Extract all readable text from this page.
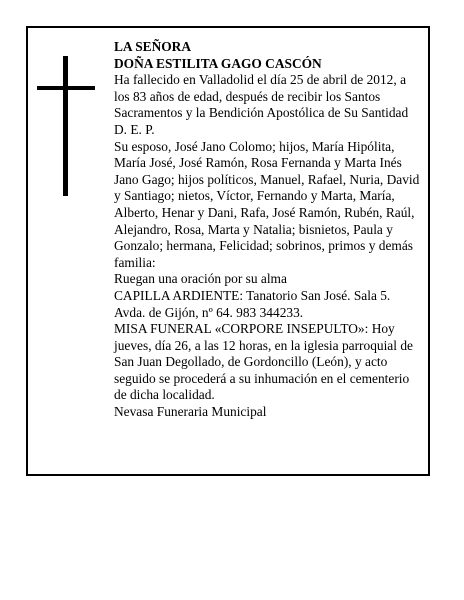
LA SEÑORA

DOÑA ESTILITA GAGO CASCÓN

Ha fallecido en Valladolid el día 25 de abril de 2012, a los 83 años de edad, después de recibir los Santos Sacramentos y la Bendición Apostólica de Su Santidad D. E. P.

Su esposo, José Jano Colomo; hijos, María Hipólita, María José, José Ramón, Rosa Fernanda y Marta Inés Jano Gago; hijos políticos, Manuel, Rafael, Nuria, David y Santiago; nietos, Víctor, Fernando y Marta, María, Alberto, Henar y Dani, Rafa, José Ramón, Rubén, Raúl, Alejandro, Rosa, Marta y Natalia; bisnietos, Paula y Gonzalo; hermana, Felicidad; sobrinos, primos y demás familia:

Ruegan una oración por su alma

CAPILLA ARDIENTE: Tanatorio San José. Sala 5. Avda. de Gijón, nº 64. 983 344233.

MISA FUNERAL «CORPORE INSEPULTO»: Hoy jueves, día 26, a las 12 horas, en la iglesia parroquial de San Juan Degollado, de Gordoncillo (León), y acto seguido se procederá a su inhumación en el cementerio de dicha localidad.

Nevasa Funeraria Municipal
